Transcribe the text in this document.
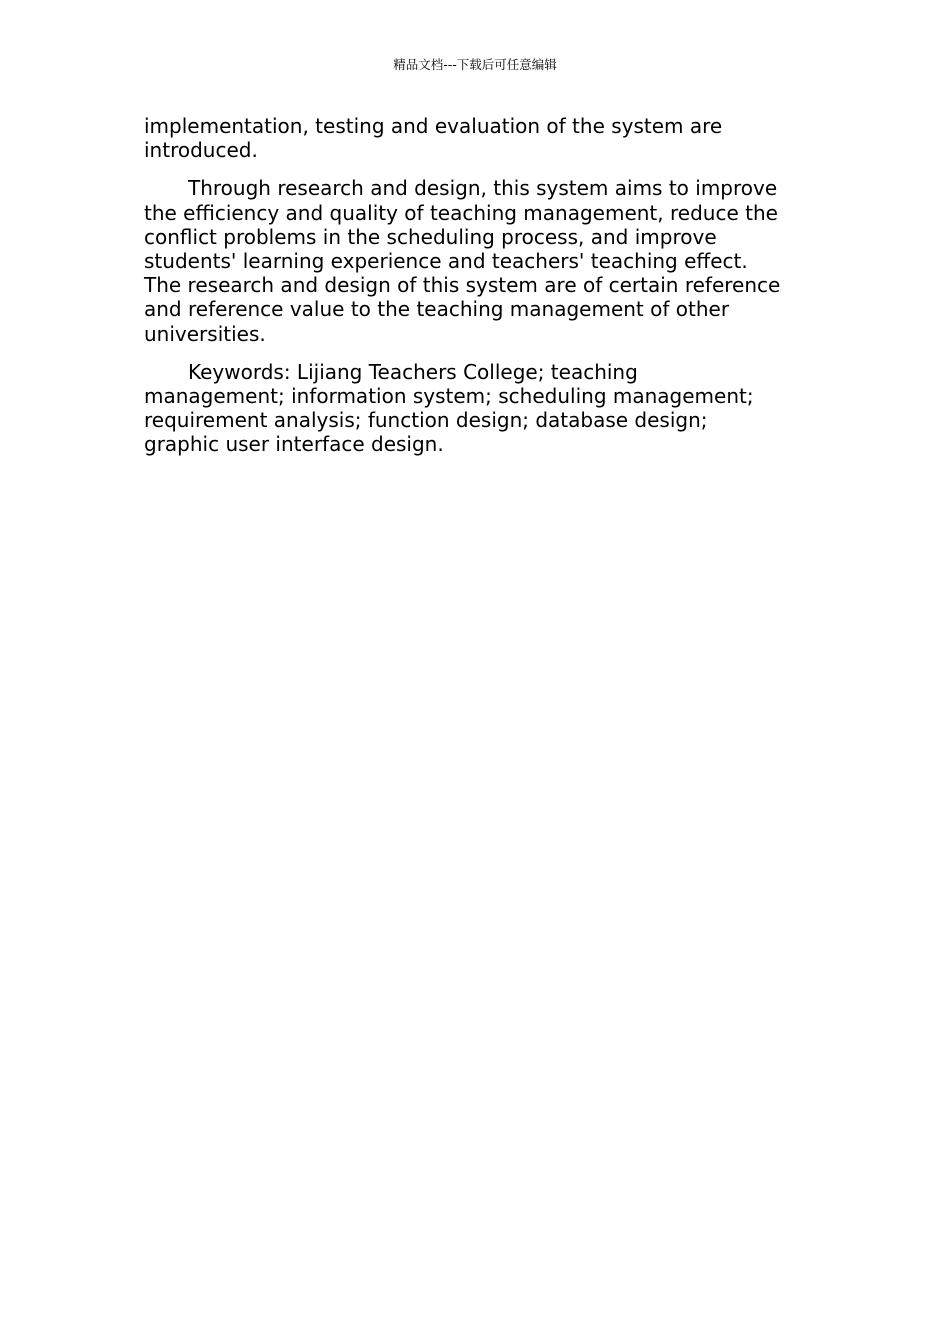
精品文档---下载后可任意编辑

implementation, testing and evaluation of the system are
introduced.

Through research and design, this system aims to improve
the efficiency and quality of teaching management, reduce the
conflict problems in the scheduling process, and improve
students' learning experience and teachers' teaching effect.
The research and design of this system are of certain reference
and reference value to the teaching management of other
universities.

Keywords: Lijiang Teachers College; teaching
management; information system; scheduling management;
requirement analysis; function design; database design;
graphic user interface design.
